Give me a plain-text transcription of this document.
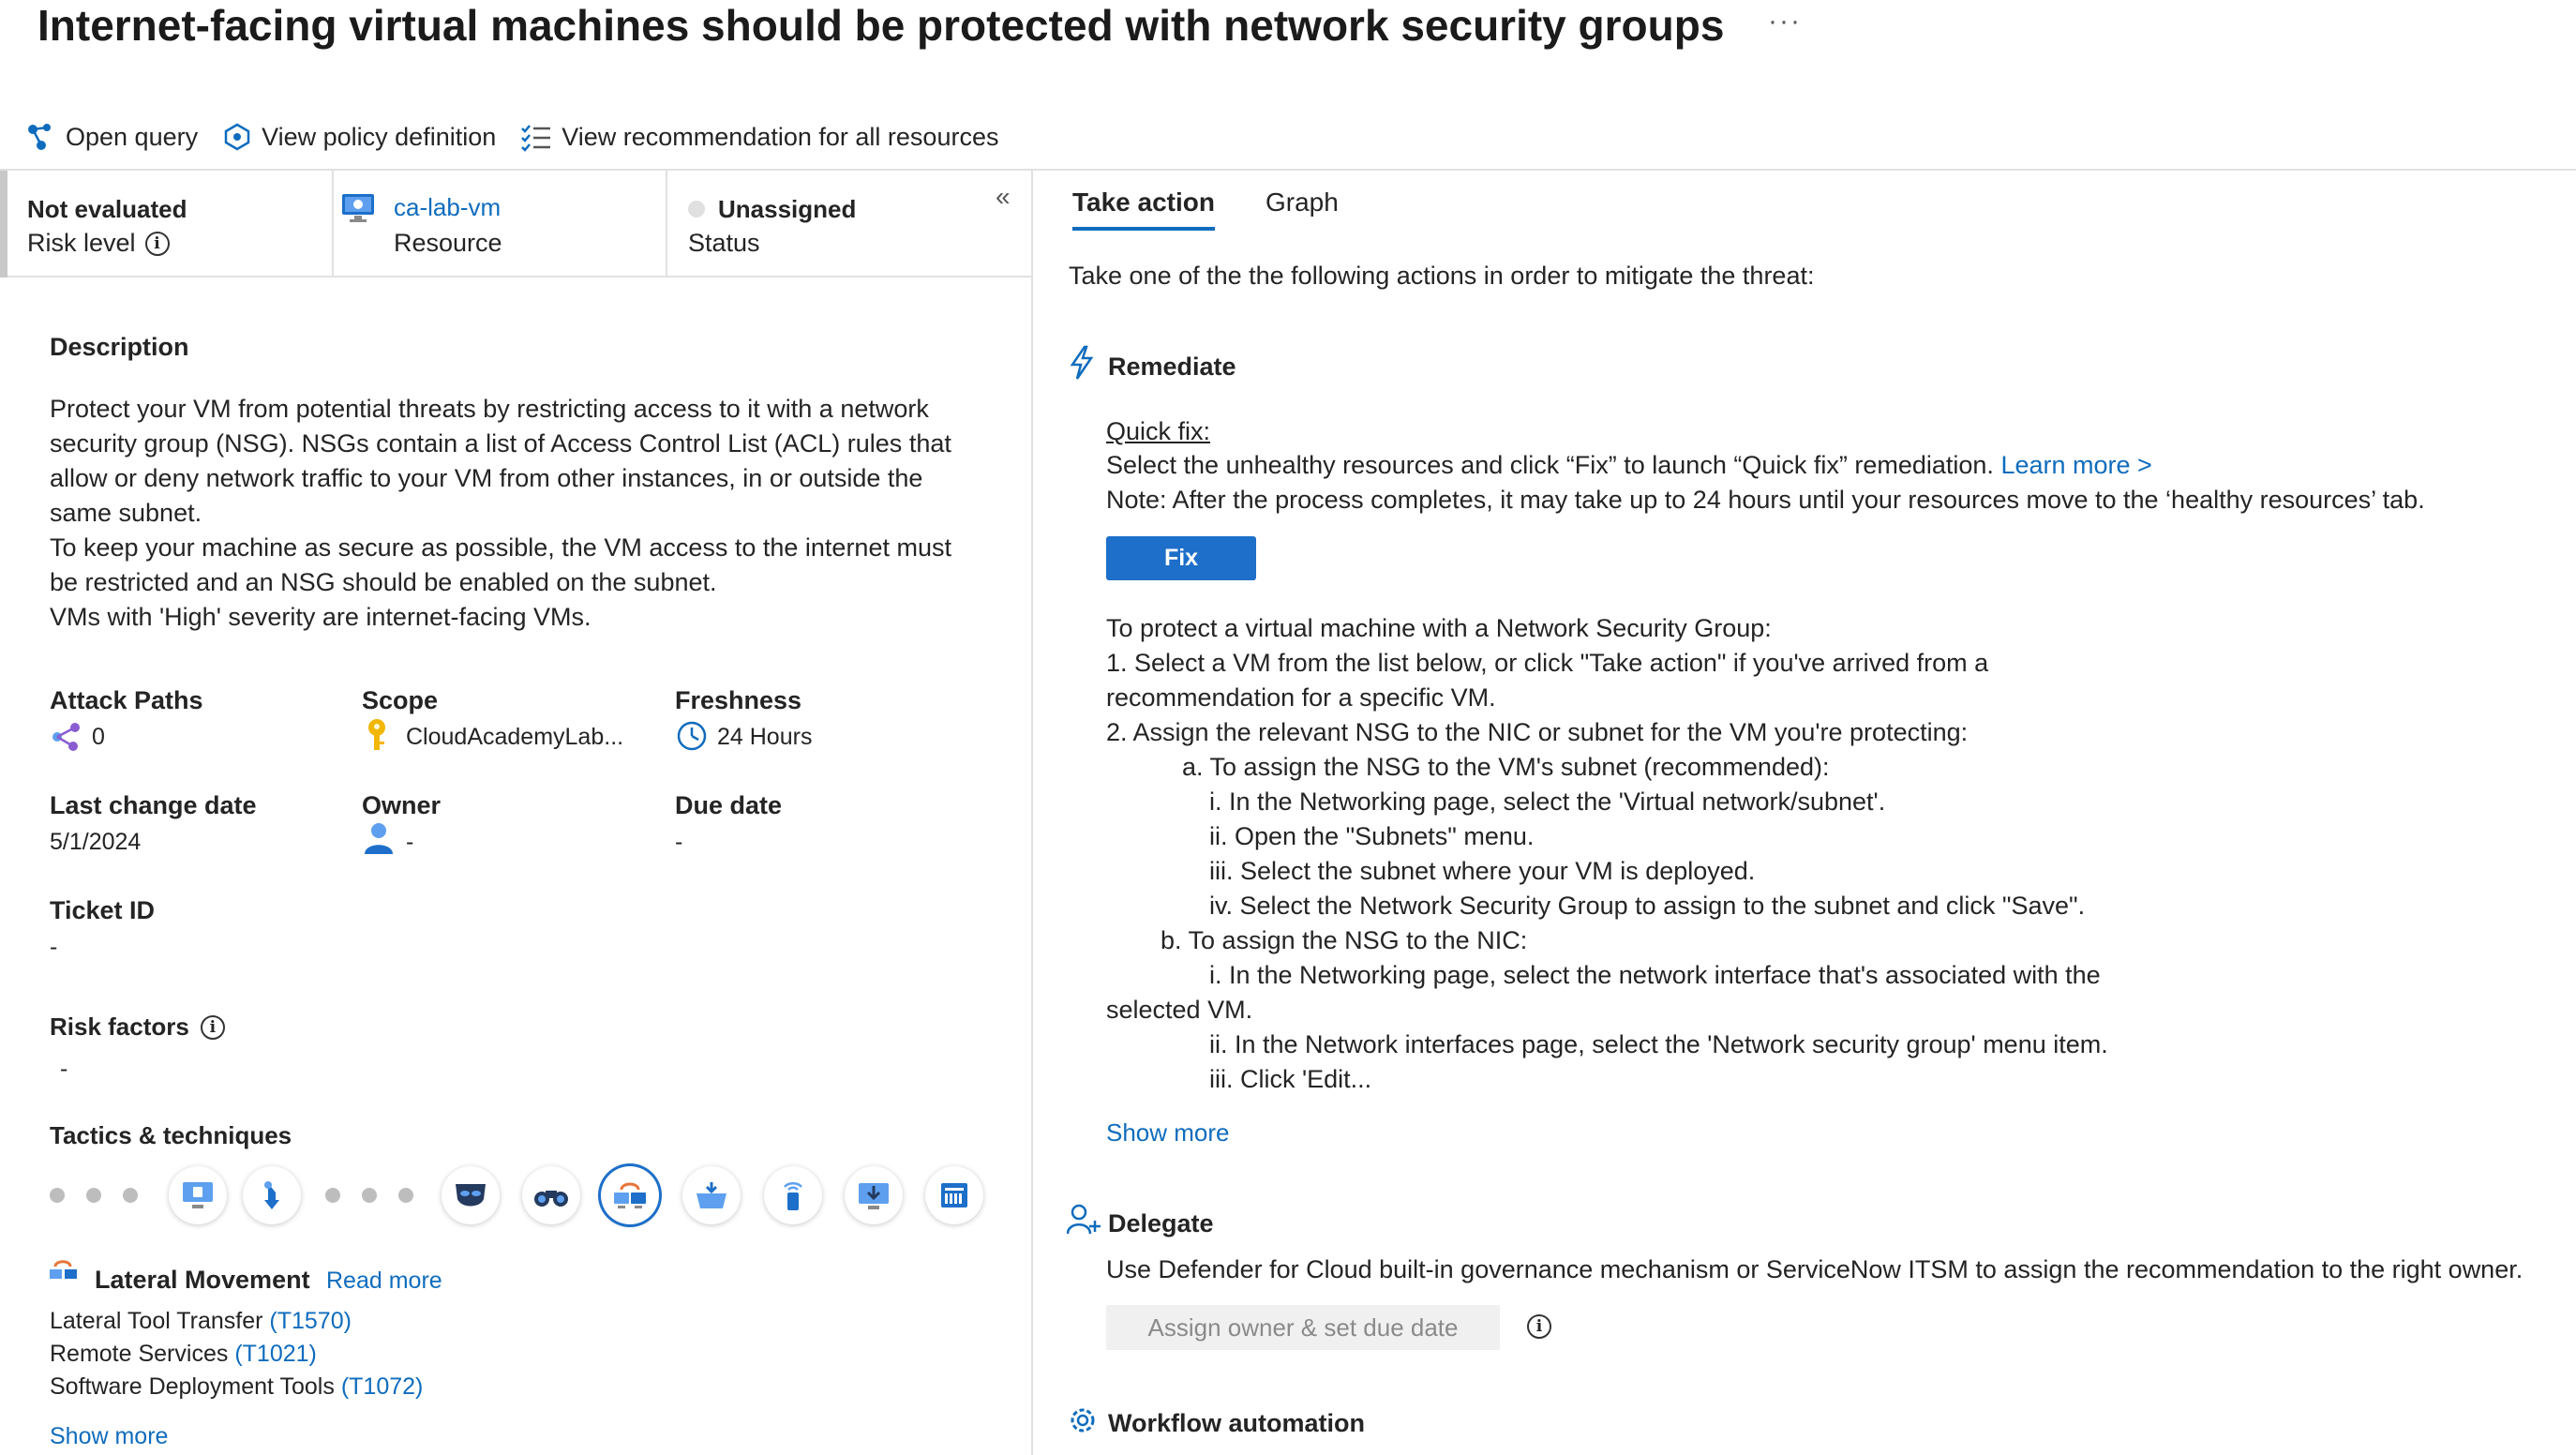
Internet-facing virtual machines should be protected with network security groups ···
Open query	View policy definition	View recommendation for all resources
Not evaluated
Risk level	i
ca-lab-vm
Resource
Unassigned
Status
«
Description
Protect your VM from potential threats by restricting access to it with a network
security group (NSG). NSGs contain a list of Access Control List (ACL) rules that
allow or deny network traffic to your VM from other instances, in or outside the
same subnet.
To keep your machine as secure as possible, the VM access to the internet must
be restricted and an NSG should be enabled on the subnet.
VMs with 'High' severity are internet-facing VMs.
Attack Paths
0
Scope
CloudAcademyLab...
Freshness
24 Hours
Last change date
5/1/2024
Owner
-
Due date
-
Ticket ID
-
Risk factors	i
-
Tactics & techniques
Lateral Movement Read more
Lateral Tool Transfer (T1570)
Remote Services (T1021)
Software Deployment Tools (T1072)
Show more
Take action Graph
Take one of the the following actions in order to mitigate the threat:
Remediate
Quick fix:
Select the unhealthy resources and click “Fix” to launch “Quick fix” remediation. Learn more >
Note: After the process completes, it may take up to 24 hours until your resources move to the ‘healthy resources’ tab.
Fix
To protect a virtual machine with a Network Security Group:
1. Select a VM from the list below, or click "Take action" if you've arrived from a
recommendation for a specific VM.
2. Assign the relevant NSG to the NIC or subnet for the VM you're protecting:
a. To assign the NSG to the VM's subnet (recommended):
i. In the Networking page, select the 'Virtual network/subnet'.
ii. Open the "Subnets" menu.
iii. Select the subnet where your VM is deployed.
iv. Select the Network Security Group to assign to the subnet and click "Save".
b. To assign the NSG to the NIC:
i. In the Networking page, select the network interface that's associated with the
selected VM.
ii. In the Network interfaces page, select the 'Network security group' menu item.
iii. Click 'Edit...
Show more
Delegate
Use Defender for Cloud built-in governance mechanism or ServiceNow ITSM to assign the recommendation to the right owner.
Assign owner & set due date	i
Workflow automation
